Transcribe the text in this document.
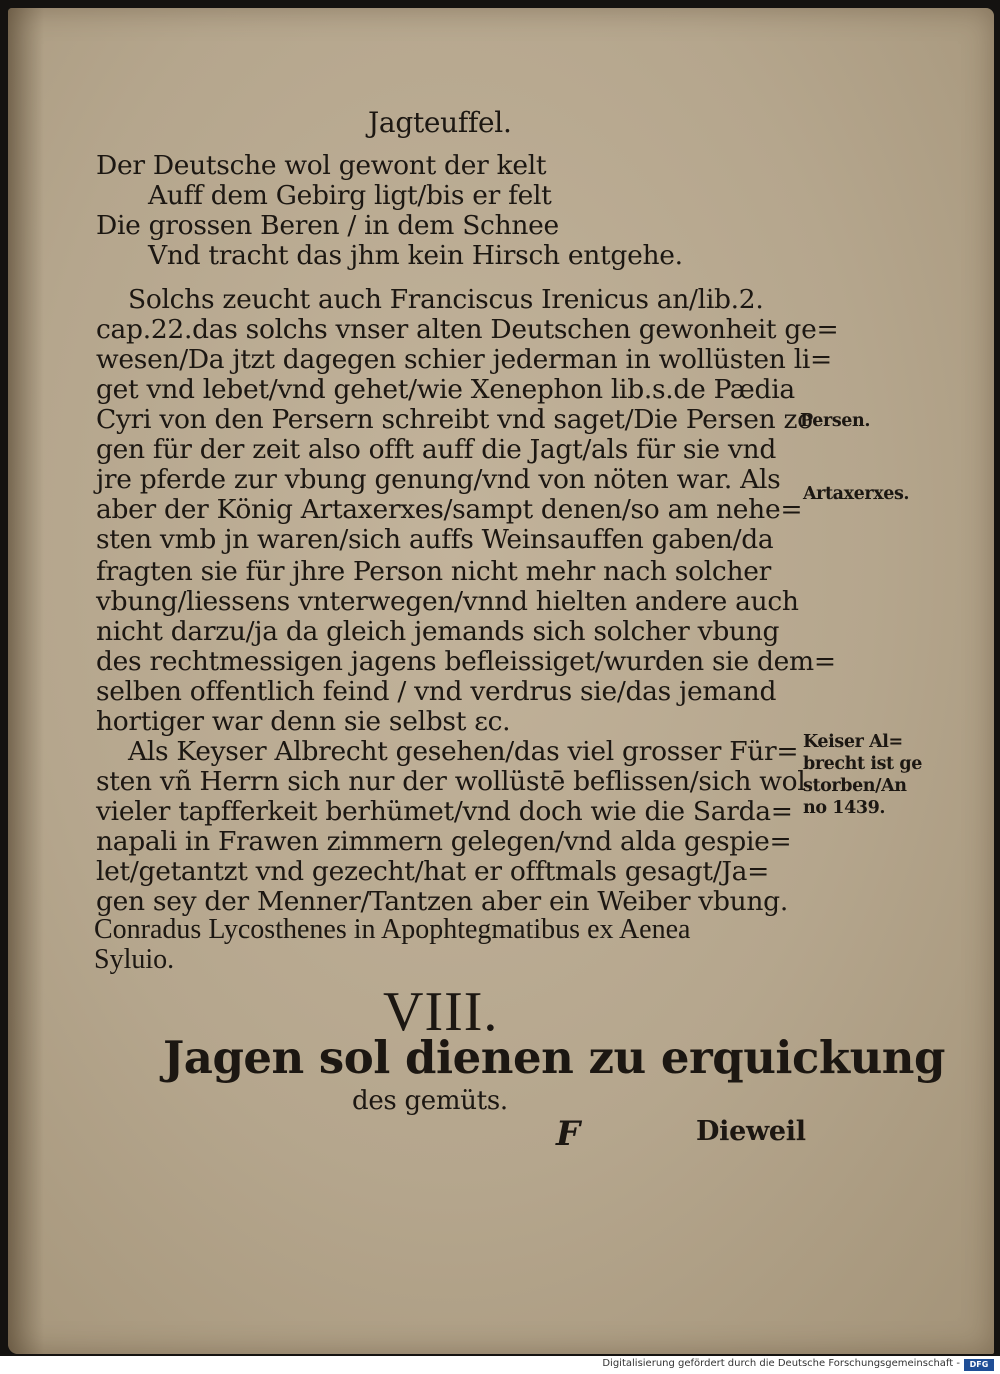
Jagteuffel.
Der Deutsche wol gewont der kelt
Auff dem Gebirg ligt/bis er felt
Die grossen Beren / in dem Schnee
Vnd tracht das jhm kein Hirsch entgehe.
Solchs zeucht auch Franciscus Irenicus an/lib.2.
cap.22.das solchs vnser alten Deutschen gewonheit ge=
wesen/Da jtzt dagegen schier jederman in wollüsten li=
get vnd lebet/vnd gehet/wie Xenephon lib.s.de Pædia
Cyri von den Persern schreibt vnd saget/Die Persen zo
gen für der zeit also offt auff die Jagt/als für sie vnd
jre pferde zur vbung genung/vnd von nöten war. Als
aber der König Artaxerxes/sampt denen/so am nehe=
sten vmb jn waren/sich auffs Weinsauffen gaben/da
fragten sie für jhre Person nicht mehr nach solcher
vbung/liessens vnterwegen/vnnd hielten andere auch
nicht darzu/ja da gleich jemands sich solcher vbung
des rechtmessigen jagens befleissiget/wurden sie dem=
selben offentlich feind / vnd verdrus sie/das jemand
hortiger war denn sie selbst ɛc.
Als Keyser Albrecht gesehen/das viel grosser Für=
sten vñ Herrn sich nur der wollüstē beflissen/sich wol
vieler tapfferkeit berhümet/vnd doch wie die Sarda=
napali in Frawen zimmern gelegen/vnd alda gespie=
let/getantzt vnd gezecht/hat er offtmals gesagt/Ja=
gen sey der Menner/Tantzen aber ein Weiber vbung.
Conradus Lycosthenes in Apophtegmatibus ex Aenea
Syluio.
Persen.
Artaxerxes.
Keiser Al=
brecht ist ge
storben/An
no 1439.
VIII.
Jagen sol dienen zu erquickung
des gemüts.
F	Dieweil
Digitalisierung gefördert durch die Deutsche Forschungsgemeinschaft -	DFG
